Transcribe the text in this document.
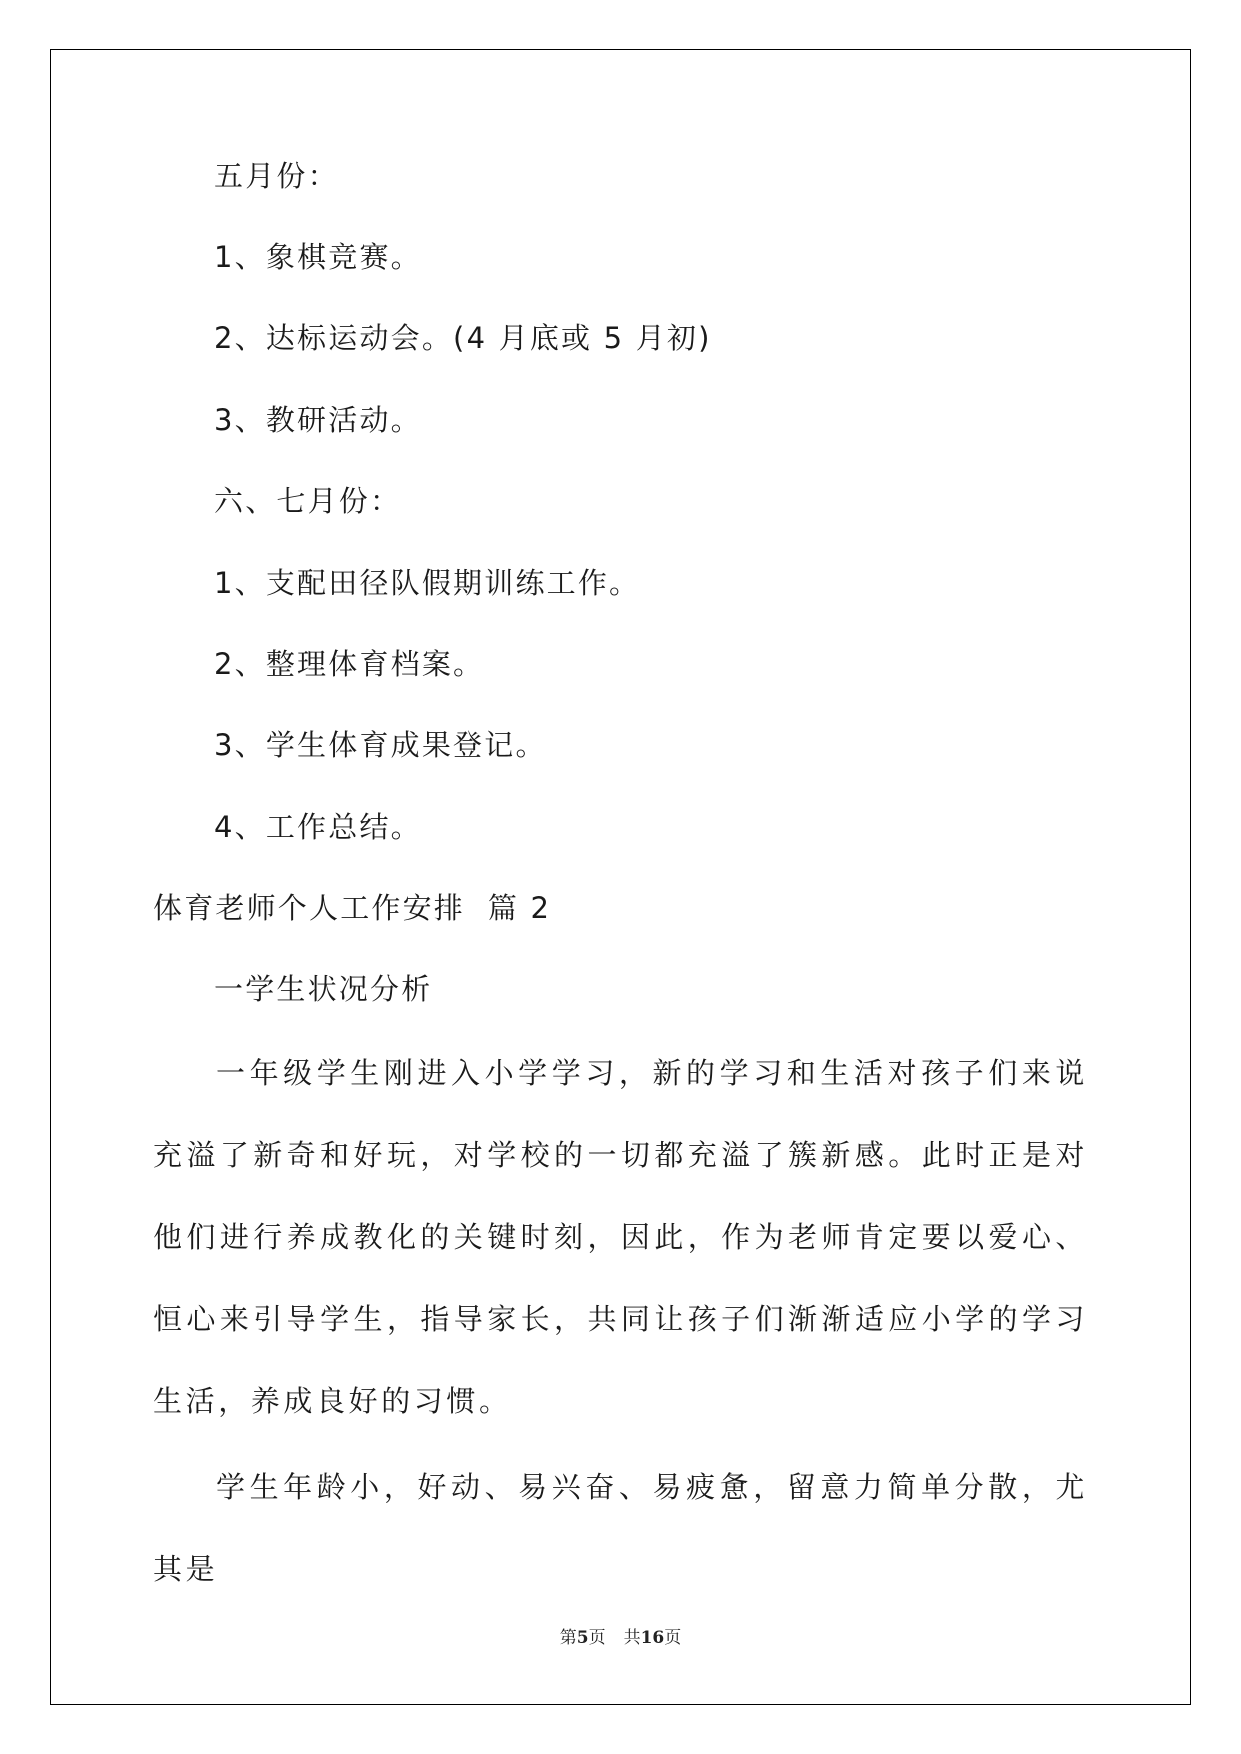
五月份：
1、象棋竞赛。
2、达标运动会。(4 月底或 5 月初)
3、教研活动。
六、七月份：
1、支配田径队假期训练工作。
2、整理体育档案。
3、学生体育成果登记。
4、工作总结。
体育老师个人工作安排  篇 2
一学生状况分析
一年级学生刚进入小学学习，新的学习和生活对孩子们来说充溢了新奇和好玩，对学校的一切都充溢了簇新感。此时正是对他们进行养成教化的关键时刻，因此，作为老师肯定要以爱心、恒心来引导学生，指导家长，共同让孩子们渐渐适应小学的学习生活，养成良好的习惯。
学生年龄小，好动、易兴奋、易疲惫，留意力简单分散，尤其是
第5页 共16页
